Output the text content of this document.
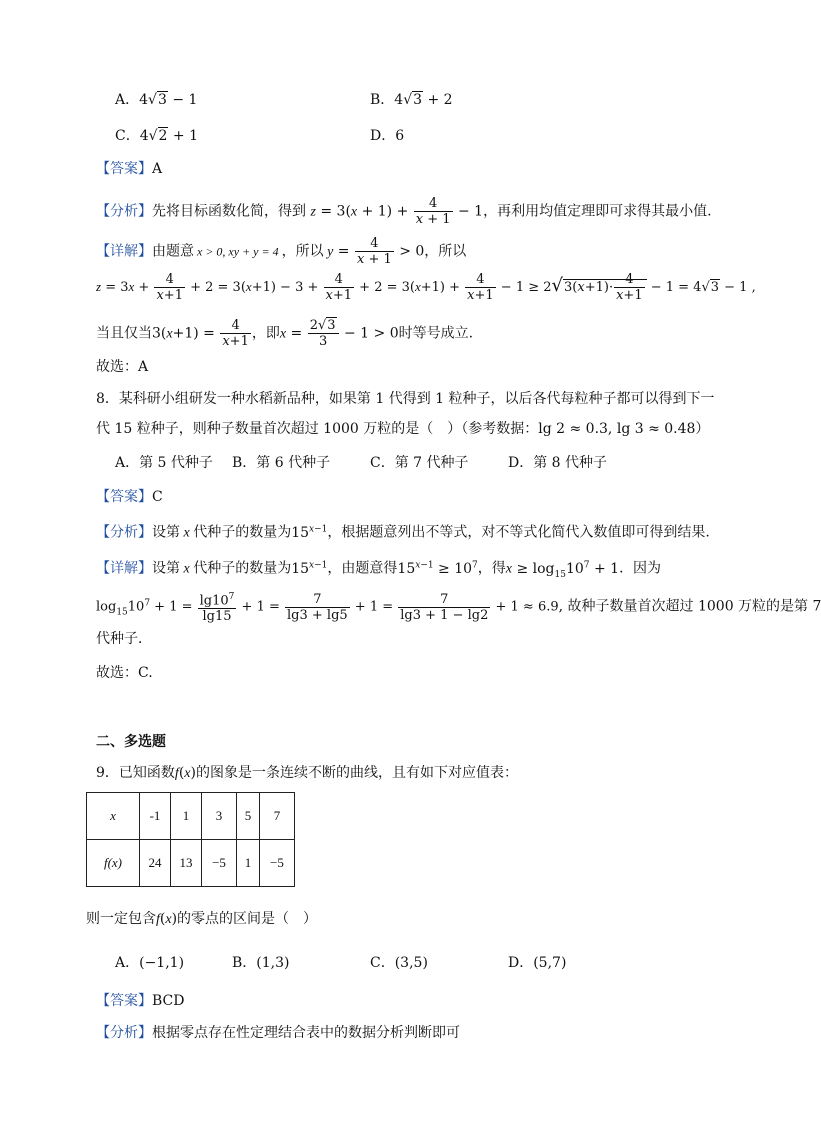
A．4√3 − 1	B．4√3 + 2
C．4√2 + 1	D．6
【答案】A
【分析】先将目标函数化简，得到 $z = 3(x + 1) + \frac{4}{x + 1} - 1$，再利用均值定理即可求得其最小值.
【详解】由题意 x > 0, xy + y = 4 ，所以 $y = \frac{4}{x + 1} > 0$，所以
$z = 3x + \frac{4}{x+1} + 2 = 3(x+1) - 3 + \frac{4}{x+1} + 2 = 3(x+1) + \frac{4}{x+1} - 1 \ge 2√3(x+1)\cdot \frac{4}{x+1} - 1 = 4√3 - 1$ ,
当且仅当$3(x+1) = \frac{4}{x+1}$ ，即$x = \frac{2√3}{3} - 1 > 0$时等号成立.
故选：A
8．某科研小组研发一种水稻新品种，如果第 1 代得到 1 粒种子，以后各代每粒种子都可以得到下一
代 15 粒种子，则种子数量首次超过 1000 万粒的是（　）（参考数据：lg 2 ≈ 0.3, lg 3 ≈ 0.48）
A．第 5 代种子 B．第 6 代种子	C．第 7 代种子	D．第 8 代种子
【答案】C
【分析】设第 x 代种子的数量为$15^{x-1}$，根据题意列出不等式，对不等式化简代入数值即可得到结果.
【详解】设第 x 代种子的数量为$15^{x-1}$，由题意得$15^{x-1} \ge 10^7$，得$x \ge \log_{15}10^7 + 1$．因为
$\log_{15}10^7 + 1 = \frac{\lg 10^7}{\lg 15} + 1 = \frac{7}{\lg 3 + \lg 5} + 1 = \frac{7}{\lg 3 + 1 - \lg 2} + 1 \approx 6.9$, 故种子数量首次超过 1000 万粒的是第 7
代种子．
故选：C.
二、多选题
9．已知函数f(x)的图象是一条连续不断的曲线，且有如下对应值表：
x	-1	1	3	5	7
f(x)	24	13	−5	1	−5
则一定包含f(x)的零点的区间是（　）
A．(−1,1)	B．(1,3)	C．(3,5)	D．(5,7)
【答案】BCD
【分析】根据零点存在性定理结合表中的数据分析判断即可
